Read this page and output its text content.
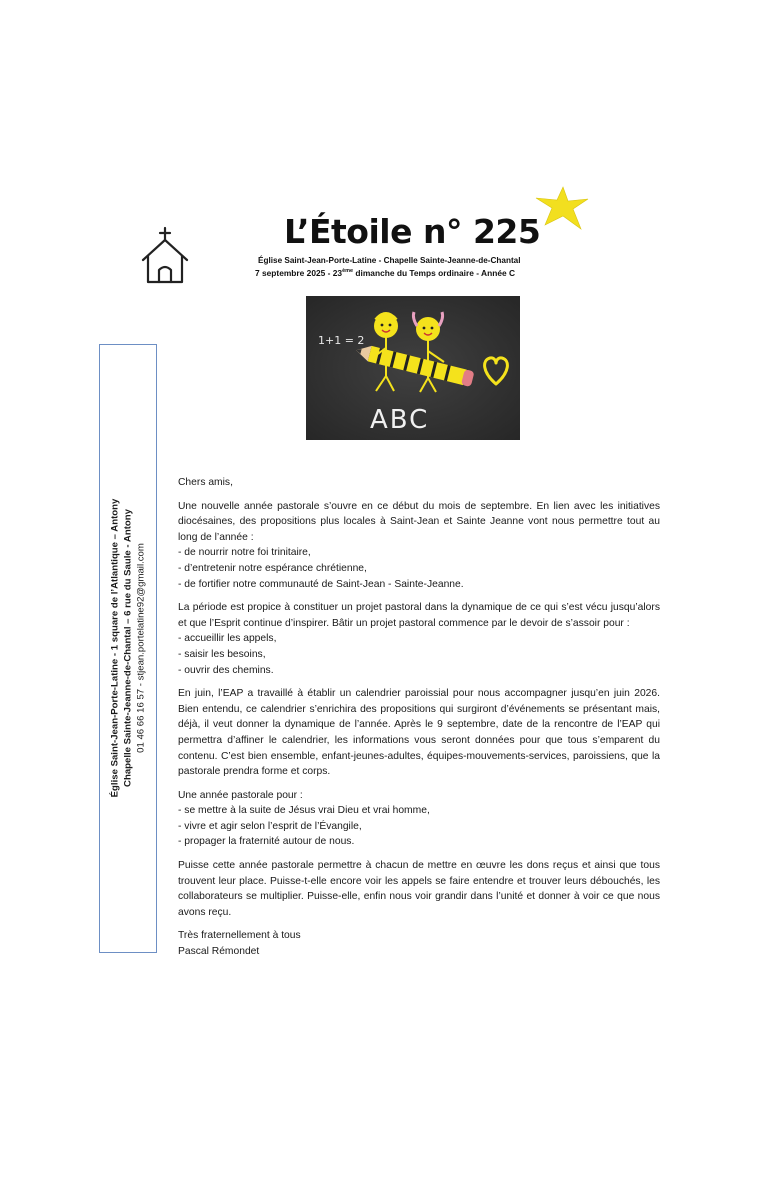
L’Étoile n° 225
Église Saint-Jean-Porte-Latine - Chapelle Sainte-Jeanne-de-Chantal
7 septembre 2025 - 23ème dimanche du Temps ordinaire - Année C
1+1 = 2
ABC
Église Saint-Jean-Porte-Latine - 1 square de l’Atlantique – Antony Chapelle Sainte-Jeanne-de-Chantal – 6 rue du Saule - Antony 01 46 66 16 57 - stjean.portelatine92@gmail.com

Chers amis,

Une nouvelle année pastorale s’ouvre en ce début du mois de septembre. En lien avec les initiatives diocésaines, des propositions plus locales à Saint-Jean et Sainte Jeanne vont nous permettre tout au long de l’année :
- de nourrir notre foi trinitaire,
- d’entretenir notre espérance chrétienne,
- de fortifier notre communauté de Saint-Jean - Sainte-Jeanne.

La période est propice à constituer un projet pastoral dans la dynamique de ce qui s’est vécu jusqu’alors et que l’Esprit continue d’inspirer. Bâtir un projet pastoral commence par le devoir de s’assoir pour :
- accueillir les appels,
- saisir les besoins,
- ouvrir des chemins.

En juin, l’EAP a travaillé à établir un calendrier paroissial pour nous accompagner jusqu’en juin 2026. Bien entendu, ce calendrier s’enrichira des propositions qui surgiront d’événements se présentant mais, déjà, il veut donner la dynamique de l’année. Après le 9 septembre, date de la rencontre de l’EAP qui permettra d’affiner le calendrier, les informations vous seront données pour que tous s’emparent du contenu. C’est bien ensemble, enfant-jeunes-adultes, équipes-mouvements-services, paroissiens, que la pastorale prendra forme et corps.

Une année pastorale pour :
- se mettre à la suite de Jésus vrai Dieu et vrai homme,
- vivre et agir selon l’esprit de l’Évangile,
- propager la fraternité autour de nous.

Puisse cette année pastorale permettre à chacun de mettre en œuvre les dons reçus et ainsi que tous trouvent leur place. Puisse-t-elle encore voir les appels se faire entendre et trouver leurs débouchés, les collaborateurs se multiplier. Puisse-elle, enfin nous voir grandir dans l’unité et donner à voir ce que nous avons reçu.

Très fraternellement à tous
Pascal Rémondet
